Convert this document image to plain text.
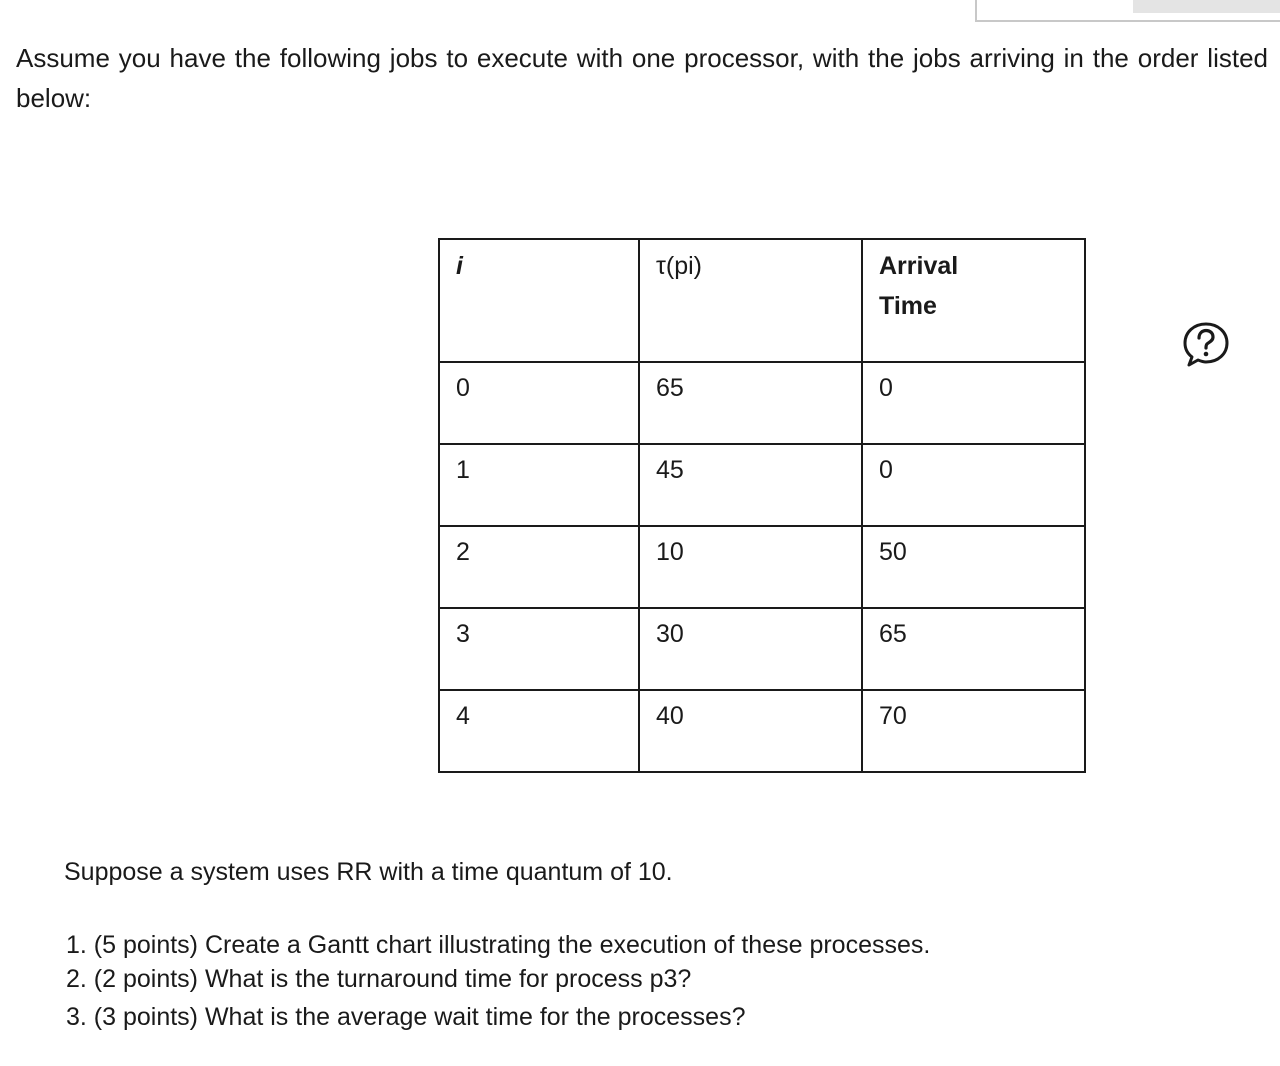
Assume you have the following jobs to execute with one processor, with the jobs arriving in the order listed below:

i	τ(pi)	Arrival Time
0	65	0
1	45	0
2	10	50
3	30	65
4	40	70

Suppose a system uses RR with a time quantum of 10.

1. (5 points) Create a Gantt chart illustrating the execution of these processes.
2. (2 points) What is the turnaround time for process p3?
3. (3 points) What is the average wait time for the processes?
